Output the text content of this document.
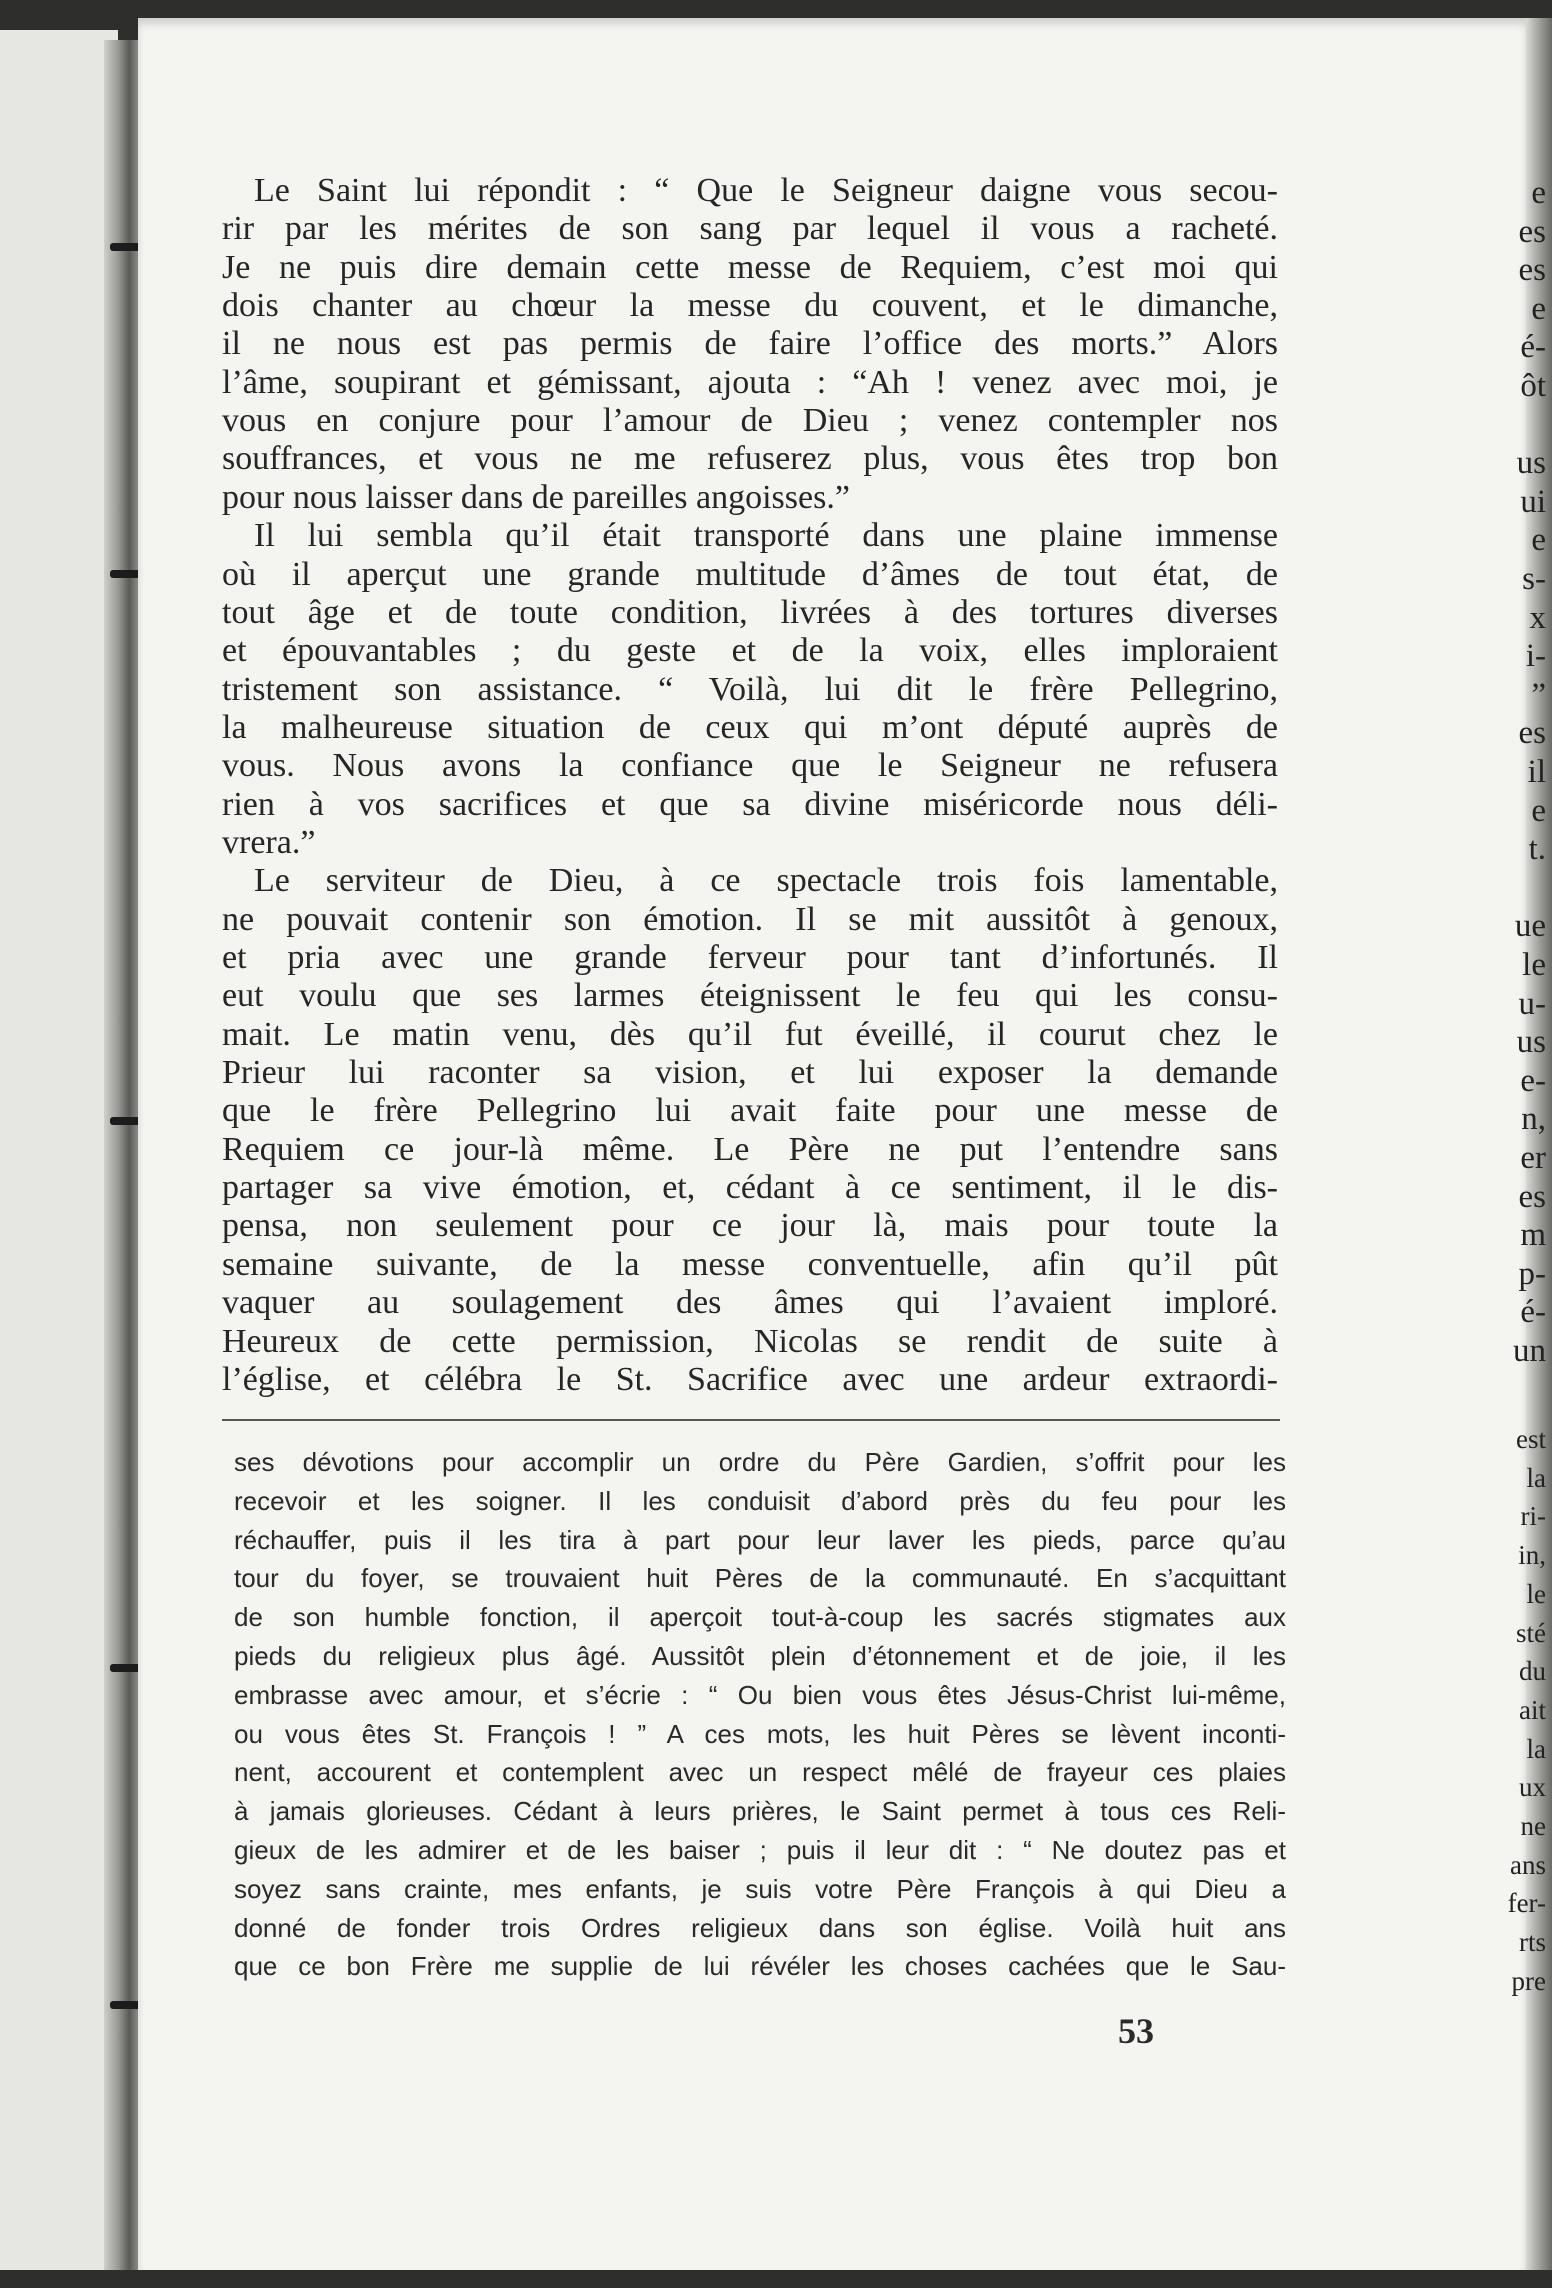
e

es

es

e

é-

ôt

us

ui

e

s-

x

i-

”

es

il

e

t.

ue

le

u-

us

e-

n,

er

es

m

p-

é-

un

est

la

ri-

in,

le

sté

du

ait

la

ux

ne

ans

fer-

rts

pre

Le Saint lui répondit : “ Que le Seigneur daigne vous secou-

rir par les mérites de son sang par lequel il vous a racheté.

Je ne puis dire demain cette messe de Requiem, c’est moi qui

dois chanter au chœur la messe du couvent, et le dimanche,

il ne nous est pas permis de faire l’office des morts.” Alors

l’âme, soupirant et gémissant, ajouta : “Ah ! venez avec moi, je

vous en conjure pour l’amour de Dieu ; venez contempler nos

souffrances, et vous ne me refuserez plus, vous êtes trop bon

pour nous laisser dans de pareilles angoisses.”

Il lui sembla qu’il était transporté dans une plaine immense

où il aperçut une grande multitude d’âmes de tout état, de

tout âge et de toute condition, livrées à des tortures diverses

et épouvantables ; du geste et de la voix, elles imploraient

tristement son assistance. “ Voilà, lui dit le frère Pellegrino,

la malheureuse situation de ceux qui m’ont député auprès de

vous. Nous avons la confiance que le Seigneur ne refusera

rien à vos sacrifices et que sa divine miséricorde nous déli-

vrera.”

Le serviteur de Dieu, à ce spectacle trois fois lamentable,

ne pouvait contenir son émotion. Il se mit aussitôt à genoux,

et pria avec une grande ferveur pour tant d’infortunés. Il

eut voulu que ses larmes éteignissent le feu qui les consu-

mait. Le matin venu, dès qu’il fut éveillé, il courut chez le

Prieur lui raconter sa vision, et lui exposer la demande

que le frère Pellegrino lui avait faite pour une messe de

Requiem ce jour-là même. Le Père ne put l’entendre sans

partager sa vive émotion, et, cédant à ce sentiment, il le dis-

pensa, non seulement pour ce jour là, mais pour toute la

semaine suivante, de la messe conventuelle, afin qu’il pût

vaquer au soulagement des âmes qui l’avaient imploré.

Heureux de cette permission, Nicolas se rendit de suite à

l’église, et célébra le St. Sacrifice avec une ardeur extraordi-

ses dévotions pour accomplir un ordre du Père Gardien, s’offrit pour les

recevoir et les soigner. Il les conduisit d’abord près du feu pour les

réchauffer, puis il les tira à part pour leur laver les pieds, parce qu’au

tour du foyer, se trouvaient huit Pères de la communauté. En s’acquittant

de son humble fonction, il aperçoit tout-à-coup les sacrés stigmates aux

pieds du religieux plus âgé. Aussitôt plein d’étonnement et de joie, il les

embrasse avec amour, et s’écrie : “ Ou bien vous êtes Jésus-Christ lui-même,

ou vous êtes St. François ! ” A ces mots, les huit Pères se lèvent inconti-

nent, accourent et contemplent avec un respect mêlé de frayeur ces plaies

à jamais glorieuses. Cédant à leurs prières, le Saint permet à tous ces Reli-

gieux de les admirer et de les baiser ; puis il leur dit : “ Ne doutez pas et

soyez sans crainte, mes enfants, je suis votre Père François à qui Dieu a

donné de fonder trois Ordres religieux dans son église. Voilà huit ans

que ce bon Frère me supplie de lui révéler les choses cachées que le Sau-

53
